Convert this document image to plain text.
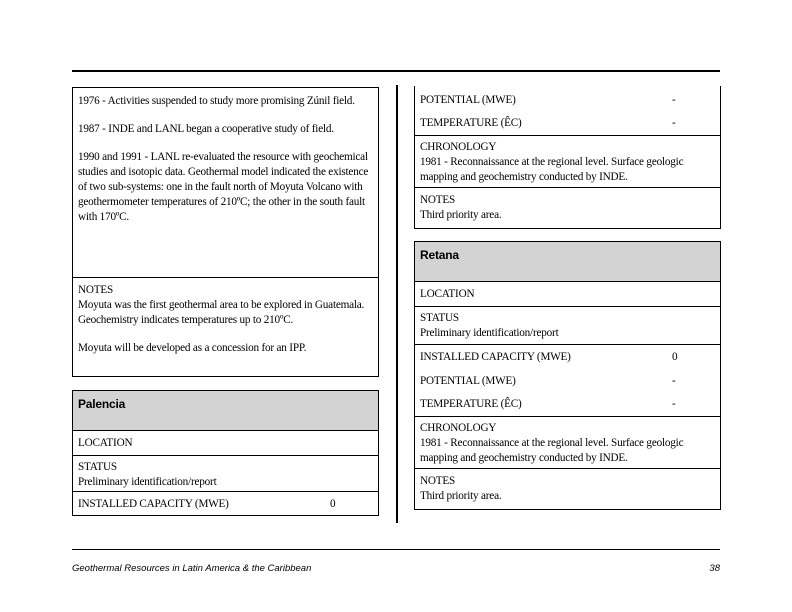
1976 - Activities suspended to study more promising Zúnil field.

1987 - INDE and LANL began a cooperative study of field.

1990 and 1991 - LANL re-evaluated the resource with geochemical studies and isotopic data. Geothermal model indicated the existence of two sub-systems: one in the fault north of Moyuta Volcano with geothermometer temperatures of 210ºC; the other in the south fault with 170ºC.

NOTES

Moyuta was the first geothermal area to be explored in Guatemala. Geochemistry indicates temperatures up to 210ºC.

Moyuta will be developed as a concession for an IPP.

Palencia

LOCATION

STATUS

Preliminary identification/report

INSTALLED CAPACITY (MWE)	0
POTENTIAL (MWE)	-
TEMPERATURE (ÊC)	-

CHRONOLOGY

1981 - Reconnaissance at the regional level. Surface geologic mapping and geochemistry conducted by INDE.

NOTES

Third priority area.

Retana

LOCATION

STATUS

Preliminary identification/report

INSTALLED CAPACITY (MWE)	0
POTENTIAL (MWE)	-
TEMPERATURE (ÊC)	-

CHRONOLOGY

1981 - Reconnaissance at the regional level. Surface geologic mapping and geochemistry conducted by INDE.

NOTES

Third priority area.

Geothermal Resources in Latin America & the Caribbean	38
